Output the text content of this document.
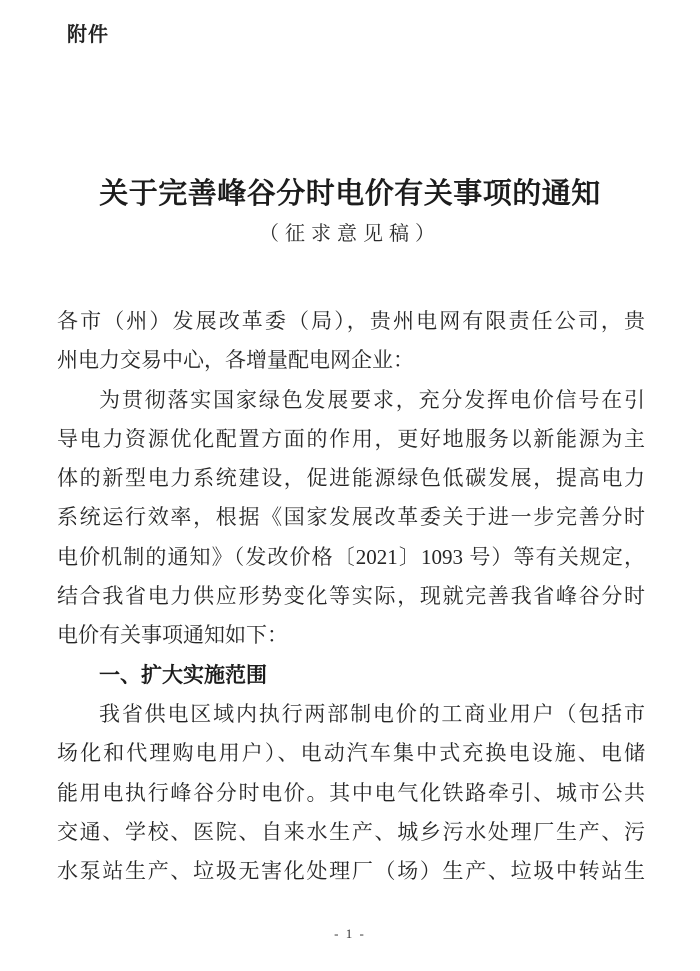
附件
关于完善峰谷分时电价有关事项的通知
（征求意见稿）
各市（州）发展改革委（局），贵州电网有限责任公司，贵
州电力交易中心，各增量配电网企业：
为贯彻落实国家绿色发展要求，充分发挥电价信号在引
导电力资源优化配置方面的作用，更好地服务以新能源为主
体的新型电力系统建设，促进能源绿色低碳发展，提高电力
系统运行效率，根据《国家发展改革委关于进一步完善分时
电价机制的通知》（发改价格〔2021〕1093 号）等有关规定，
结合我省电力供应形势变化等实际，现就完善我省峰谷分时
电价有关事项通知如下：
一、扩大实施范围
我省供电区域内执行两部制电价的工商业用户（包括市
场化和代理购电用户）、电动汽车集中式充换电设施、电储
能用电执行峰谷分时电价。其中电气化铁路牵引、城市公共
交通、学校、医院、自来水生产、城乡污水处理厂生产、污
水泵站生产、垃圾无害化处理厂（场）生产、垃圾中转站生
- 1 -
